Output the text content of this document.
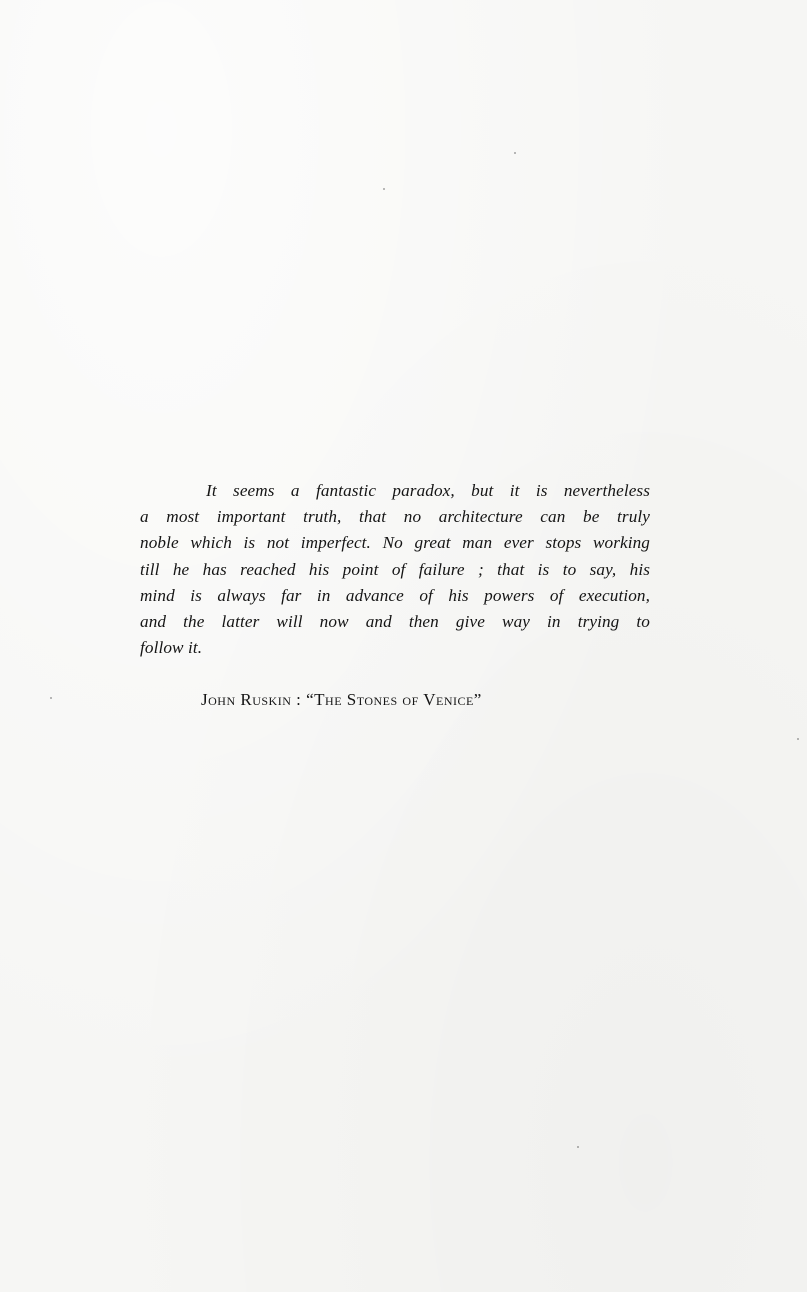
It seems a fantastic paradox, but it is nevertheless
a most important truth, that no architecture can be truly
noble which is not imperfect. No great man ever stops working
till he has reached his point of failure ; that is to say, his
mind is always far in advance of his powers of execution,
and the latter will now and then give way in trying to
follow it.
John Ruskin : “The Stones of Venice”
